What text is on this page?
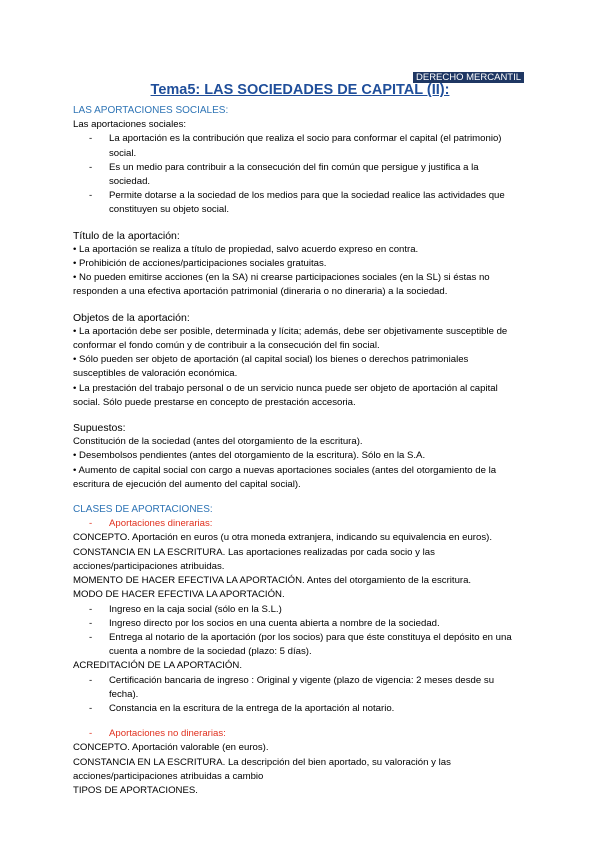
DERECHO MERCANTIL
Tema5: LAS SOCIEDADES DE CAPITAL (II):
LAS APORTACIONES SOCIALES:
Las aportaciones sociales:
- La aportación es la contribución que realiza el socio para conformar el capital (el patrimonio) social.
- Es un medio para contribuir a la consecución del fin común que persigue y justifica a la sociedad.
- Permite dotarse a la sociedad de los medios para que la sociedad realice las actividades que constituyen su objeto social.
Título de la aportación:
• La aportación se realiza a título de propiedad, salvo acuerdo expreso en contra.
• Prohibición de acciones/participaciones sociales gratuitas.
• No pueden emitirse acciones (en la SA) ni crearse participaciones sociales (en la SL) si éstas no responden a una efectiva aportación patrimonial (dineraria o no dineraria) a la sociedad.
Objetos de la aportación:
• La aportación debe ser posible, determinada y lícita; además, debe ser objetivamente susceptible de conformar el fondo común y de contribuir a la consecución del fin social.
• Sólo pueden ser objeto de aportación (al capital social) los bienes o derechos patrimoniales susceptibles de valoración económica.
• La prestación del trabajo personal o de un servicio nunca puede ser objeto de aportación al capital social. Sólo puede prestarse en concepto de prestación accesoria.
Supuestos:
Constitución de la sociedad (antes del otorgamiento de la escritura).
• Desembolsos pendientes (antes del otorgamiento de la escritura). Sólo en la S.A.
• Aumento de capital social con cargo a nuevas aportaciones sociales (antes del otorgamiento de la escritura de ejecución del aumento del capital social).
CLASES DE APORTACIONES:
- Aportaciones dinerarias:
CONCEPTO. Aportación en euros (u otra moneda extranjera, indicando su equivalencia en euros).
CONSTANCIA EN LA ESCRITURA. Las aportaciones realizadas por cada socio y las acciones/participaciones atribuidas.
MOMENTO DE HACER EFECTIVA LA APORTACIÓN. Antes del otorgamiento de la escritura.
MODO DE HACER EFECTIVA LA APORTACIÓN.
- Ingreso en la caja social (sólo en la S.L.)
- Ingreso directo por los socios en una cuenta abierta a nombre de la sociedad.
- Entrega al notario de la aportación (por los socios) para que éste constituya el depósito en una cuenta a nombre de la sociedad (plazo: 5 días).
ACREDITACIÓN DE LA APORTACIÓN.
- Certificación bancaria de ingreso : Original y vigente (plazo de vigencia: 2 meses desde su fecha).
- Constancia en la escritura de la entrega de la aportación al notario.
- Aportaciones no dinerarias:
CONCEPTO. Aportación valorable (en euros).
CONSTANCIA EN LA ESCRITURA. La descripción del bien aportado, su valoración y las acciones/participaciones atribuidas a cambio
TIPOS DE APORTACIONES.
